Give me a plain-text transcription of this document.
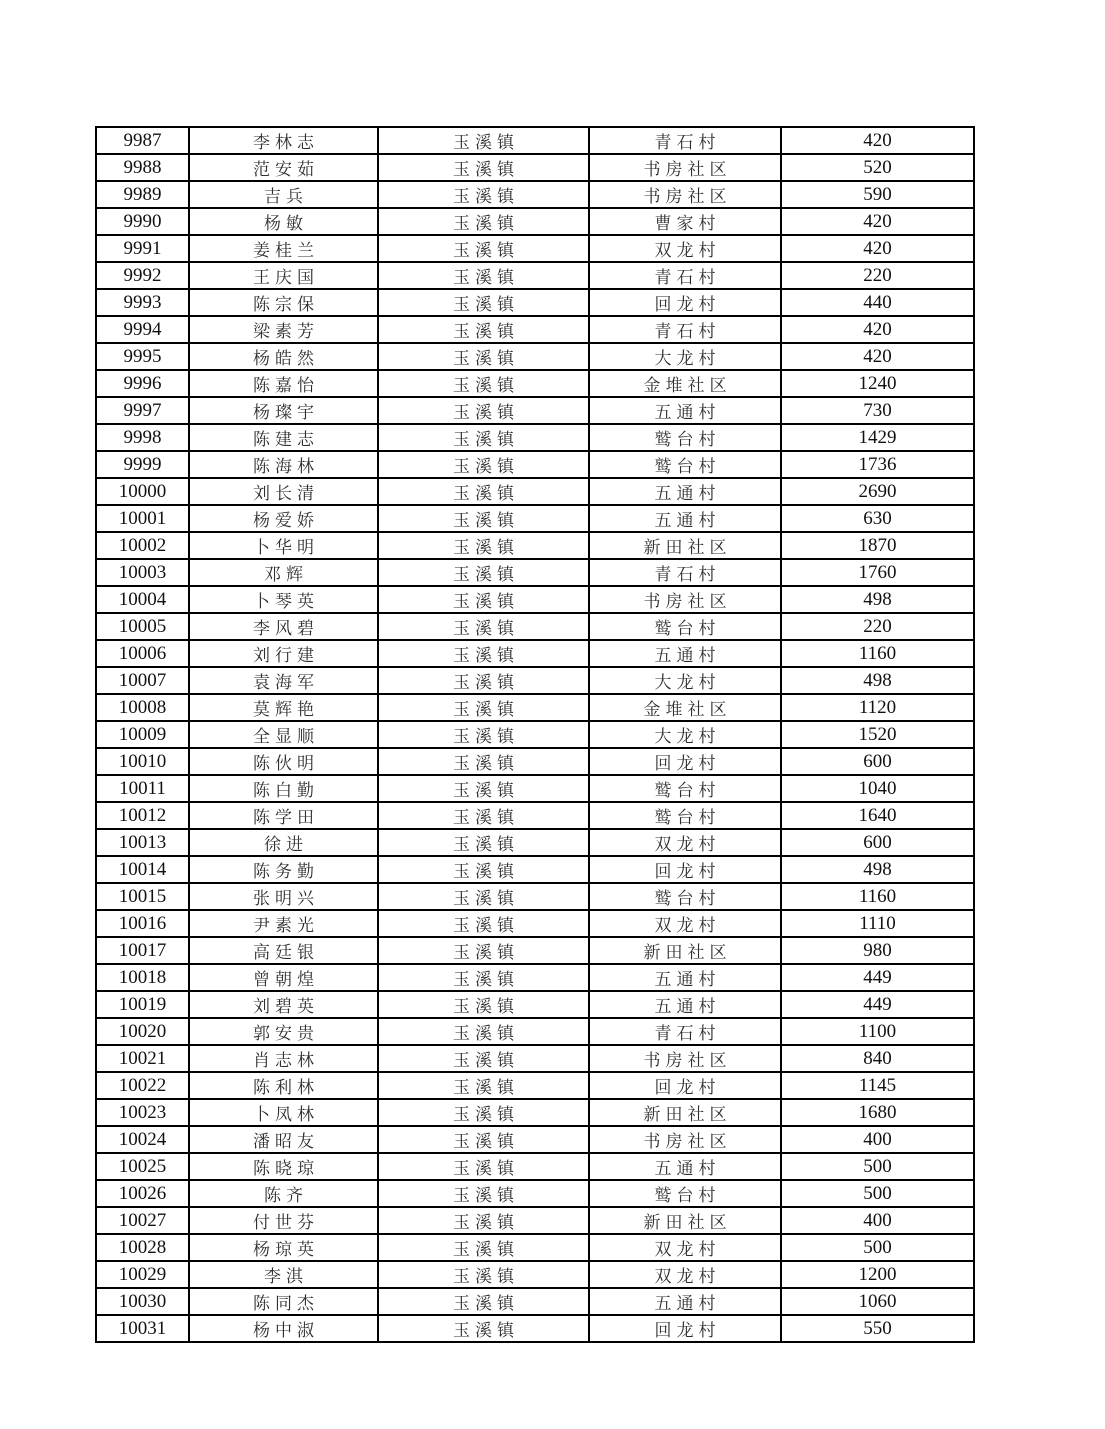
9987	李林志	玉溪镇	青石村	420
9988	范安茹	玉溪镇	书房社区	520
9989	吉兵	玉溪镇	书房社区	590
9990	杨敏	玉溪镇	曹家村	420
9991	姜桂兰	玉溪镇	双龙村	420
9992	王庆国	玉溪镇	青石村	220
9993	陈宗保	玉溪镇	回龙村	440
9994	梁素芳	玉溪镇	青石村	420
9995	杨皓然	玉溪镇	大龙村	420
9996	陈嘉怡	玉溪镇	金堆社区	1240
9997	杨璨宇	玉溪镇	五通村	730
9998	陈建志	玉溪镇	鹫台村	1429
9999	陈海林	玉溪镇	鹫台村	1736
10000	刘长清	玉溪镇	五通村	2690
10001	杨爱娇	玉溪镇	五通村	630
10002	卜华明	玉溪镇	新田社区	1870
10003	邓辉	玉溪镇	青石村	1760
10004	卜琴英	玉溪镇	书房社区	498
10005	李风碧	玉溪镇	鹫台村	220
10006	刘行建	玉溪镇	五通村	1160
10007	袁海军	玉溪镇	大龙村	498
10008	莫辉艳	玉溪镇	金堆社区	1120
10009	全显顺	玉溪镇	大龙村	1520
10010	陈伙明	玉溪镇	回龙村	600
10011	陈白勤	玉溪镇	鹫台村	1040
10012	陈学田	玉溪镇	鹫台村	1640
10013	徐进	玉溪镇	双龙村	600
10014	陈务勤	玉溪镇	回龙村	498
10015	张明兴	玉溪镇	鹫台村	1160
10016	尹素光	玉溪镇	双龙村	1110
10017	高廷银	玉溪镇	新田社区	980
10018	曾朝煌	玉溪镇	五通村	449
10019	刘碧英	玉溪镇	五通村	449
10020	郭安贵	玉溪镇	青石村	1100
10021	肖志林	玉溪镇	书房社区	840
10022	陈利林	玉溪镇	回龙村	1145
10023	卜凤林	玉溪镇	新田社区	1680
10024	潘昭友	玉溪镇	书房社区	400
10025	陈晓琼	玉溪镇	五通村	500
10026	陈齐	玉溪镇	鹫台村	500
10027	付世芬	玉溪镇	新田社区	400
10028	杨琼英	玉溪镇	双龙村	500
10029	李淇	玉溪镇	双龙村	1200
10030	陈同杰	玉溪镇	五通村	1060
10031	杨中淑	玉溪镇	回龙村	550
